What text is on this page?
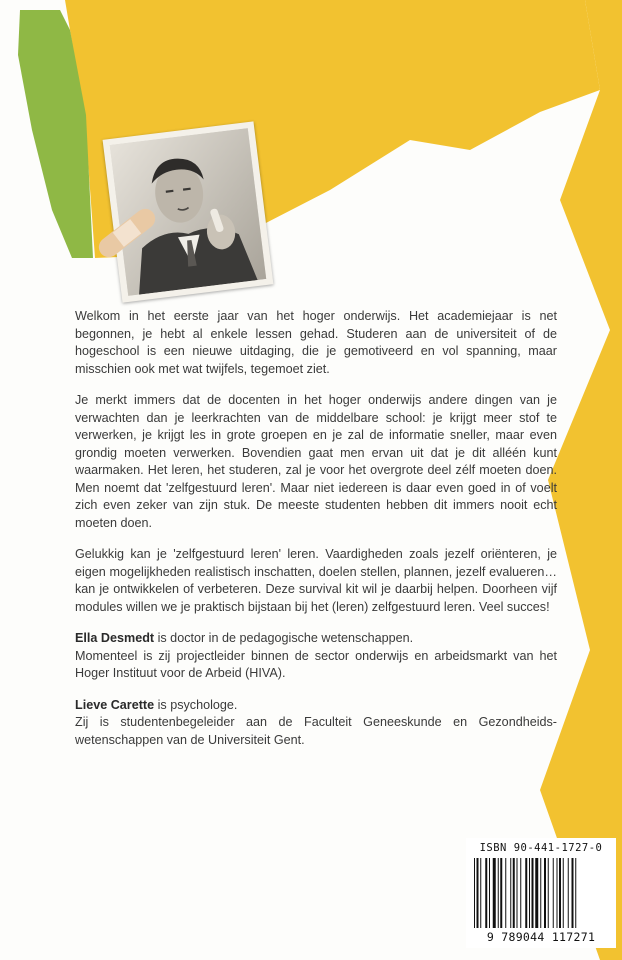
Welkom in het eerste jaar van het hoger onderwijs. Het academiejaar is net begonnen, je hebt al enkele lessen gehad. Studeren aan de universiteit of de hogeschool is een nieuwe uitdaging, die je gemotiveerd en vol spanning, maar misschien ook met wat twijfels, tegemoet ziet.

Je merkt immers dat de docenten in het hoger onderwijs andere dingen van je verwachten dan je leerkrachten van de middelbare school: je krijgt meer stof te verwerken, je krijgt les in grote groepen en je zal de informatie sneller, maar even grondig moeten verwerken. Bovendien gaat men ervan uit dat je dit alléén kunt waarmaken. Het leren, het studeren, zal je voor het overgrote deel zélf moeten doen. Men noemt dat 'zelfgestuurd leren'. Maar niet iedereen is daar even goed in of voelt zich even zeker van zijn stuk. De meeste studenten hebben dit immers nooit echt moeten doen.

Gelukkig kan je 'zelfgestuurd leren' leren. Vaardigheden zoals jezelf oriënteren, je eigen mogelijkheden realistisch inschatten, doelen stellen, plannen, jezelf evalueren… kan je ontwikkelen of verbeteren. Deze survival kit wil je daarbij helpen. Doorheen vijf modules willen we je praktisch bijstaan bij het (leren) zelfgestuurd leren. Veel succes!

Ella Desmedt is doctor in de pedagogische wetenschappen.

Momenteel is zij projectleider binnen de sector onderwijs en arbeidsmarkt van het Hoger Instituut voor de Arbeid (HIVA).

Lieve Carette is psychologe.

Zij is studentenbegeleider aan de Faculteit Geneeskunde en Gezondheids-wetenschappen van de Universiteit Gent.

ISBN 90-441-1727-0
9 789044 117271
